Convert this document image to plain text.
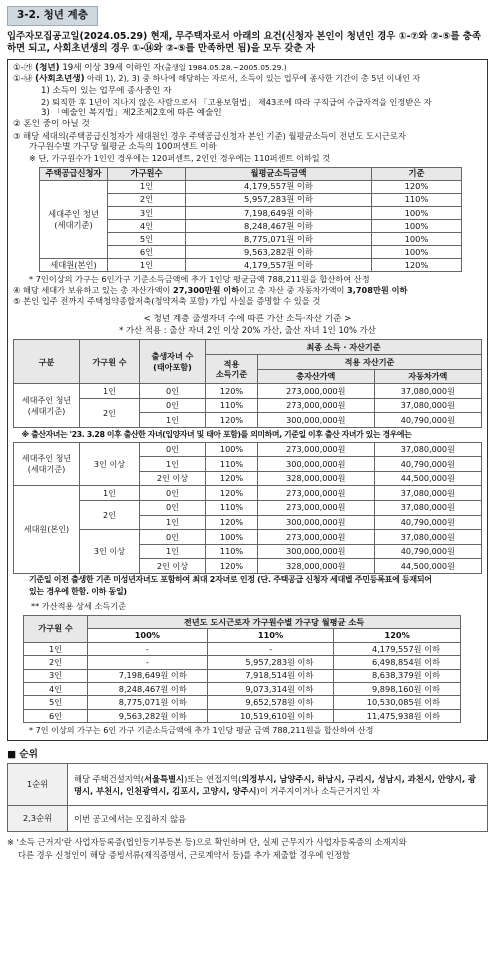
3-2. 청년 계층
입주자모집공고일(2024.05.29) 현재, 무주택자로서 아래의 요건(신청자 본인이 청년인 경우 ①-⑦와 ②-⑤를 충족하면 되고, 사회초년생의 경우 ①-⑭와 ②-⑤를 만족하면 됨)을 모두 갖춘 자
①-㉮ (청년) 19세 이상 39세 이하인 자(출생일 1984.05.28.~2005.05.29.)
①-㉯ (사회초년생) 아래 1), 2), 3) 중 하나에 해당하는 자로서, 소득이 있는 업무에 종사한 기간이 총 5년 이내인 자
1) 소득이 있는 업무에 종사중인 자
2) 퇴직한 후 1년이 지나지 않은 사람으로서 「고용보험법」 제43조에 따라 구직급여 수급자격을 인정받은 자
3) 「예술인 복지법」제2조제2호에 따른 예술인
② 혼인 중이 아닐 것
③ 해당 세대의(주택공급신청자가 세대원인 경우 주택공급신청자 본인 기준) 월평균소득이 전년도 도시근로자
가구원수별 가구당 월평균 소득의 100퍼센트 이하
※ 단, 가구원수가 1인인 경우에는 120퍼센트, 2인인 경우에는 110퍼센트 이하일 것
주택공급신청자	가구원수	월평균소득금액	기준
세대주인 청년
(세대기준)	1인	4,179,557원 이하	120%
	2인	5,957,283원 이하	110%
	3인	7,198,649원 이하	100%
	4인	8,248,467원 이하	100%
	5인	8,775,071원 이하	100%
	6인	9,563,282원 이하	100%
세대원(본인)	1인	4,179,557원 이하	120%
* 7인이상의 가구는 6인가구 기준소득금액에 추가 1인당 평균금액 788,211원을 합산하여 산정
④ 해당 세대가 보유하고 있는 총 자산가액이 27,300만원 이하이고 총 자산 중 자동차가액이 3,708만원 이하
⑤ 본인 입주 전까지 주택청약종합저축(청약저축 포함) 가입 사실을 증명할 수 있을 것
< 청년 계층 출생자녀 수에 따른 가산 소득·자산 기준 >
* 가산 적용 : 출산 자녀 2인 이상 20% 가산, 출산 자녀 1인 10% 가산
구분	가구원 수	출생자녀 수
(태아포함)	최종 소득 · 자산기준		
			적용
소득기준	적용 자산기준	
				총자산가액	자동차가액
세대주인 청년
(세대기준)	1인	0인	120%	273,000,000원	37,080,000원
	2인	0인	110%	273,000,000원	37,080,000원
		1인	120%	300,000,000원	40,790,000원
※ 출산자녀는 '23. 3.28 이후 출산한 자녀(입양자녀 및 태아 포함)를 의미하며, 기준일 이후 출산 자녀가 있는 경우에는					
세대주인 청년
(세대기준)	3인 이상	0인	100%	273,000,000원	37,080,000원
		1인	110%	300,000,000원	40,790,000원
		2인 이상	120%	328,000,000원	44,500,000원
세대원(본인)	1인	0인	120%	273,000,000원	37,080,000원
	2인	0인	110%	273,000,000원	37,080,000원
		1인	120%	300,000,000원	40,790,000원
	3인 이상	0인	100%	273,000,000원	37,080,000원
		1인	110%	300,000,000원	40,790,000원
		2인 이상	120%	328,000,000원	44,500,000원
기준일 이전 출생한 기존 미성년자녀도 포함하여 최대 2자녀로 인정 (단. 주택공급 신청자 세대별 주민등록표에 등재되어
있는 경우에 한함. 이하 동일)
** 가산적용 상세 소득기준
가구원 수	전년도 도시근로자 가구원수별 가구당 월평균 소득		
	100%	110%	120%
1인	-	-	4,179,557원 이하
2인	-	5,957,283원 이하	6,498,854원 이하
3인	7,198,649원 이하	7,918,514원 이하	8,638,379원 이하
4인	8,248,467원 이하	9,073,314원 이하	9,898,160원 이하
5인	8,775,071원 이하	9,652,578원 이하	10,530,085원 이하
6인	9,563,282원 이하	10,519,610원 이하	11,475,938원 이하
* 7인 이상의 가구는 6인 가구 기준소득금액에 추가 1인당 평균 금액 788,211원을 합산하여 산정
■ 순위
1순위	해당 주택건설지역(서울특별시)또는 연접지역(의정부시, 남양주시, 하남시, 구리시, 성남시, 과천시, 안양시, 광명시, 부천시, 인천광역시, 김포시, 고양시, 양주시)이 거주지이거나 소득근거지인 자
2,3순위	이번 공고에서는 모집하지 않음
※ '소득 근거지'란 사업자등록증(법인등기부등본 등)으로 확인하며 단, 실제 근무지가 사업자등록증의 소재지와
다른 경우 신청인이 해당 증빙서류(재직증명서, 근로계약서 등)를 추가 제출할 경우에 인정함
